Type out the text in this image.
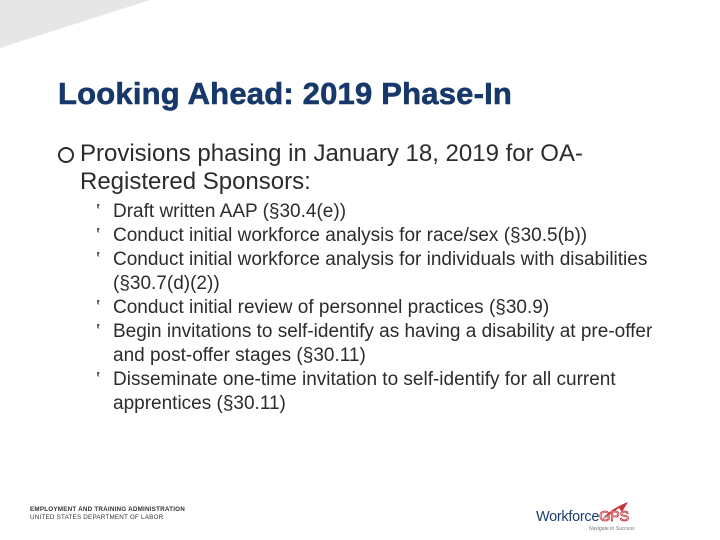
Looking Ahead: 2019 Phase-In
Provisions phasing in January 18, 2019 for OA-Registered Sponsors:
‛ Draft written AAP (§30.4(e))
‛ Conduct initial workforce analysis for race/sex (§30.5(b))
‛ Conduct initial workforce analysis for individuals with disabilities (§30.7(d)(2))
‛ Conduct initial review of personnel practices (§30.9)
‛ Begin invitations to self-identify as having a disability at pre-offer and post-offer stages (§30.11)
‛ Disseminate one-time invitation to self-identify for all current apprentices (§30.11)
EMPLOYMENT AND TRAINING ADMINISTRATION
UNITED STATES DEPARTMENT OF LABOR	WorkforceGPS
Navigate to Success
